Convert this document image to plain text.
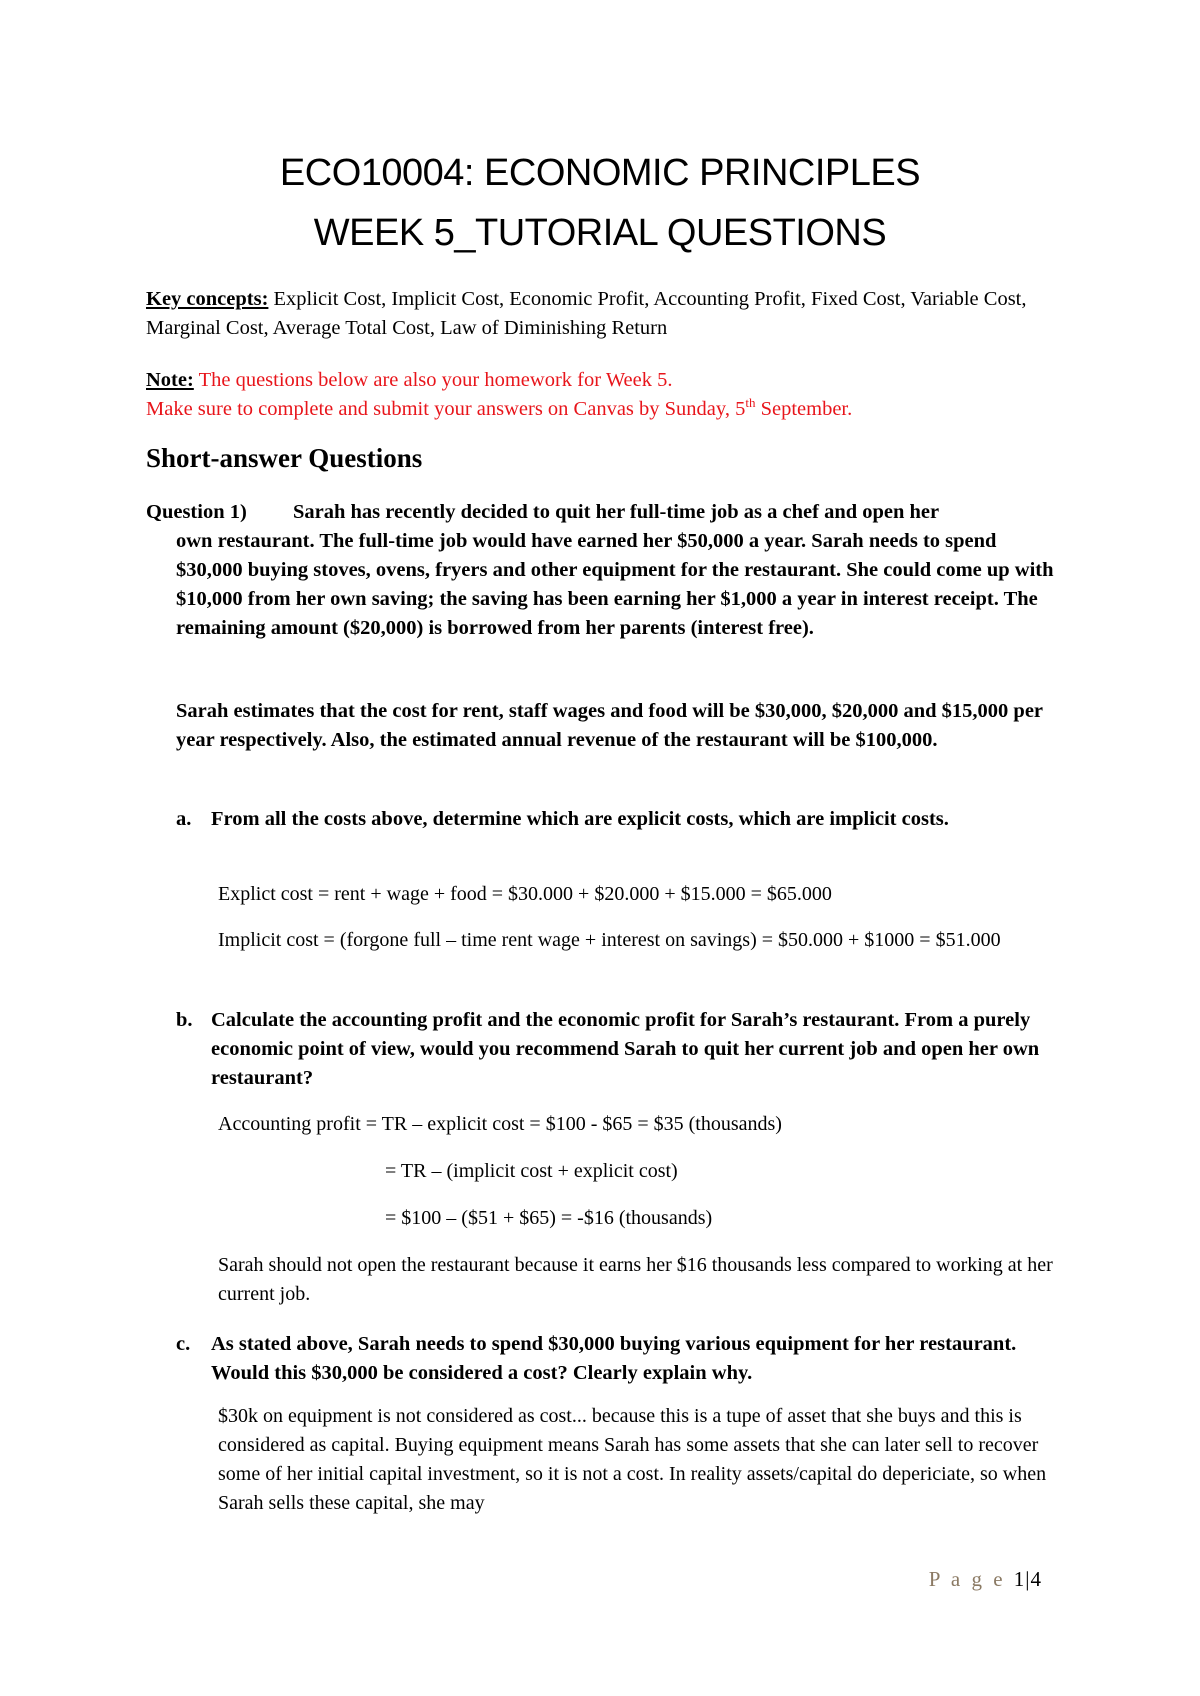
ECO10004: ECONOMIC PRINCIPLES
WEEK 5_TUTORIAL QUESTIONS
Key concepts: Explicit Cost, Implicit Cost, Economic Profit, Accounting Profit, Fixed Cost, Variable Cost, Marginal Cost, Average Total Cost, Law of Diminishing Return
Note: The questions below are also your homework for Week 5.
Make sure to complete and submit your answers on Canvas by Sunday, 5th September.
Short-answer Questions
Question 1) Sarah has recently decided to quit her full-time job as a chef and open her
own restaurant. The full-time job would have earned her $50,000 a year. Sarah needs to spend $30,000 buying stoves, ovens, fryers and other equipment for the restaurant. She could come up with $10,000 from her own saving; the saving has been earning her $1,000 a year in interest receipt. The remaining amount ($20,000) is borrowed from her parents (interest free).
Sarah estimates that the cost for rent, staff wages and food will be $30,000, $20,000 and $15,000 per year respectively. Also, the estimated annual revenue of the restaurant will be $100,000.
a. From all the costs above, determine which are explicit costs, which are implicit costs.
Explict cost = rent + wage + food = $30.000 + $20.000 + $15.000 = $65.000
Implicit cost = (forgone full – time rent wage + interest on savings) = $50.000 + $1000 = $51.000
b. Calculate the accounting profit and the economic profit for Sarah’s restaurant. From a purely economic point of view, would you recommend Sarah to quit her current job and open her own restaurant?
Accounting profit = TR – explicit cost = $100 - $65 = $35 (thousands)
= TR – (implicit cost + explicit cost)
= $100 – ($51 + $65) = -$16 (thousands)
Sarah should not open the restaurant because it earns her $16 thousands less compared to working at her current job.
c. As stated above, Sarah needs to spend $30,000 buying various equipment for her restaurant. Would this $30,000 be considered a cost? Clearly explain why.
$30k on equipment is not considered as cost... because this is a tupe of asset that she buys and this is considered as capital. Buying equipment means Sarah has some assets that she can later sell to recover some of her initial capital investment, so it is not a cost. In reality assets/capital do depericiate, so when Sarah sells these capital, she may
P a g e 1|4
